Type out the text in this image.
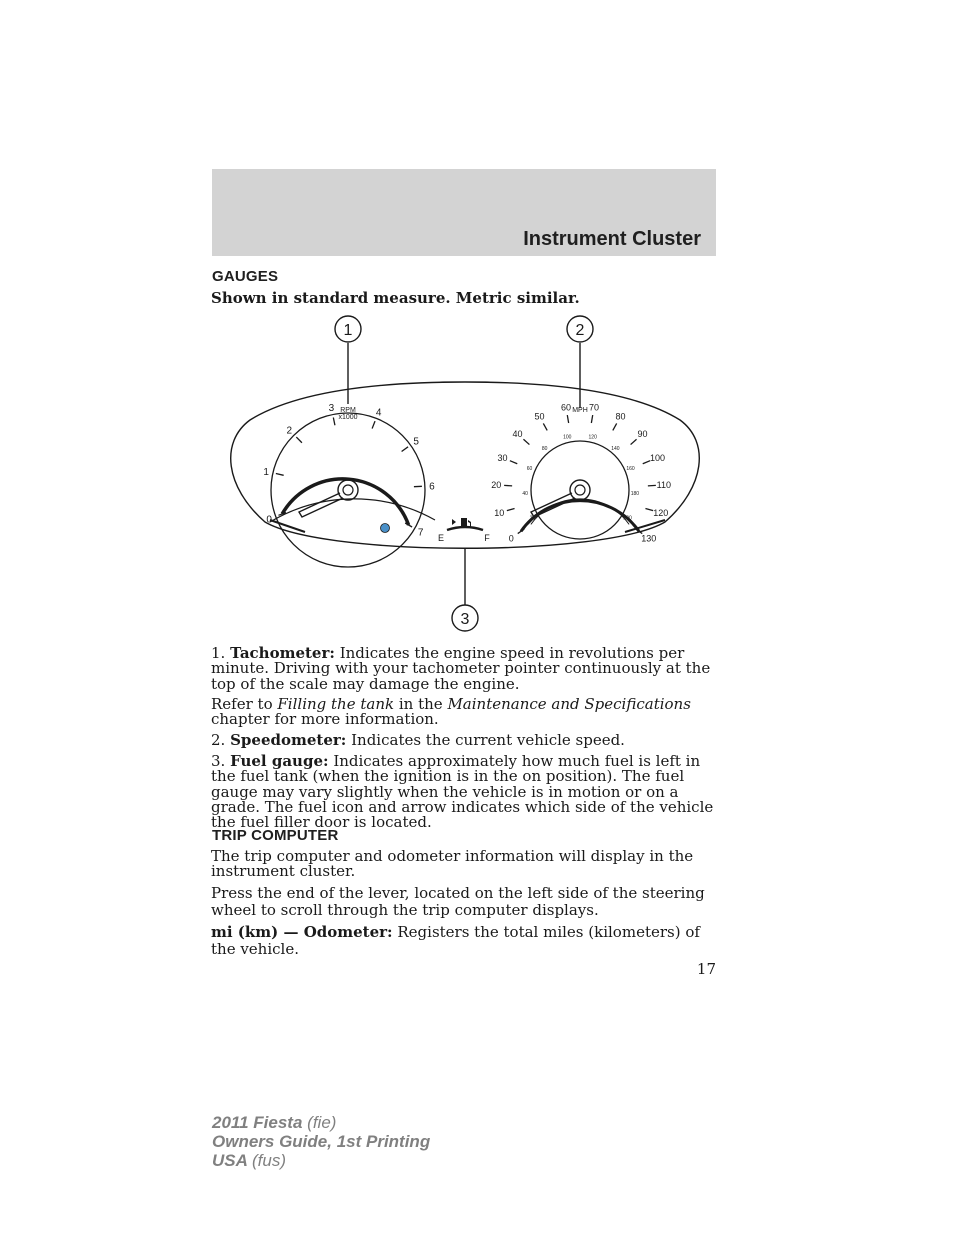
Instrument Cluster
GAUGES
Shown in standard measure. Metric similar.
1	2
3
RPM
x1000
0
1
2
3	4
5
6
7
MPH
0
10
20
30
40
50
60 70
80
90
100
110
120
130
20
40
60
80
100	120
140
160
180
200
E	F
1. Tachometer: Indicates the engine speed in revolutions per minute. Driving with your tachometer pointer continuously at the top of the scale may damage the engine.
Refer to Filling the tank in the Maintenance and Specifications chapter for more information.
2. Speedometer: Indicates the current vehicle speed.
3. Fuel gauge: Indicates approximately how much fuel is left in the fuel tank (when the ignition is in the on position). The fuel gauge may vary slightly when the vehicle is in motion or on a grade. The fuel icon and arrow indicates which side of the vehicle the fuel filler door is located.
TRIP COMPUTER
The trip computer and odometer information will display in the instrument cluster.
Press the end of the lever, located on the left side of the steering wheel to scroll through the trip computer displays.
mi (km) — Odometer: Registers the total miles (kilometers) of the vehicle.
17
2011 Fiesta (fie)
Owners Guide, 1st Printing
USA (fus)
